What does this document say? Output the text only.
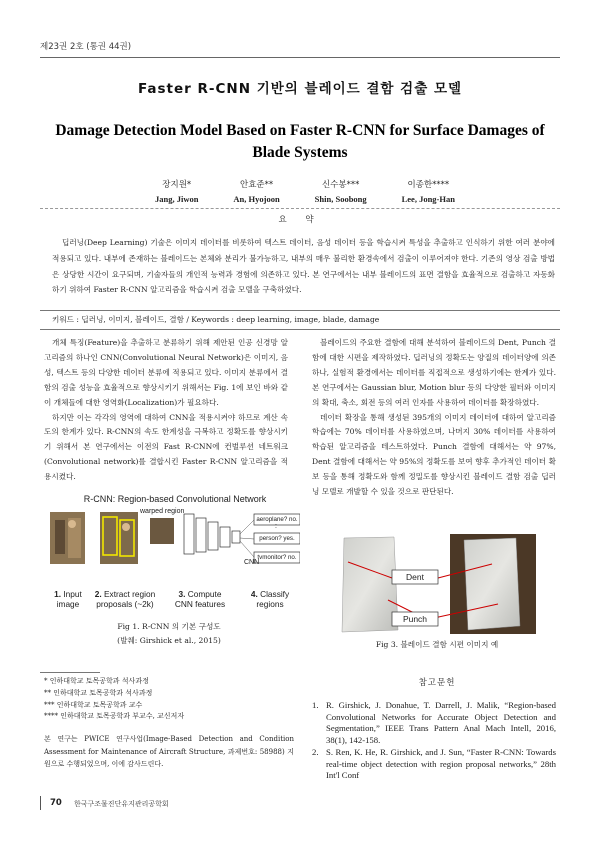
제23권 2호 (통권 44권)
Faster R-CNN 기반의 블레이드 결함 검출 모델
Damage Detection Model Based on Faster R-CNN for Surface Damages of Blade Systems
장지원*
Jang, Jiwon
안효준**
An, Hyojoon
신수봉***
Shin, Soobong
이종한****
Lee, Jong-Han
요 약

딥러닝(Deep Learning) 기술은 이미지 데이터를 비롯하여 텍스트 데이터, 음성 데이터 등을 학습시켜 특성을 추출하고 인식하기 위한 여러 분야에 적용되고 있다. 내부에 존재하는 블레이드는 본체와 분리가 불가능하고, 내부의 매우 불리한 환경속에서 검출이 이루어져야 한다. 기존의 영상 검출 방법은 상당한 시간이 요구되며, 기술자들의 개인적 능력과 경험에 의존하고 있다. 본 연구에서는 내부 블레이드의 표면 결함을 효율적으로 검출하고 자동화하기 위하여 Faster R-CNN 알고리즘을 학습시켜 검출 모델을 구축하였다.

키워드 : 딥러닝, 이미지, 블레이드, 결함 / Keywords : deep learning, image, blade, damage

개체 특징(Feature)을 추출하고 분류하기 위해 제안된 인공 신경망 알고리즘의 하나인 CNN(Convolutional Neural Network)은 이미지, 음성, 텍스트 등의 다양한 데이터 분류에 적용되고 있다. 이미지 분류에서 결함의 검출 성능을 효율적으로 향상시키기 위해서는 Fig. 1에 보인 바와 같이 개체들에 대한 영역화(Localization)가 필요하다.

하지만 이는 각각의 영역에 대하여 CNN을 적용시켜야 하므로 계산 속도의 한계가 있다. R-CNN의 속도 한계성을 극복하고 정확도를 향상시키기 위해서 본 연구에서는 이전의 Fast R-CNN에 컨벌루션 네트워크(Convolutional network)를 결합시킨 Faster R-CNN 알고리즘을 적용시켰다.

블레이드의 주요한 결함에 대해 분석하여 블레이드의 Dent, Punch 결함에 대한 시편을 제작하였다. 딥러닝의 정확도는 양질의 데이터양에 의존하나, 실험적 환경에서는 데이터를 직접적으로 생성하기에는 한계가 있다. 본 연구에서는 Gaussian blur, Motion blur 등의 다양한 필터와 이미지의 확대, 축소, 회전 등의 여러 인자를 사용하여 데이터를 확장하였다.

데이터 확장을 통해 생성된 395개의 이미지 데이터에 대하여 알고리즘 학습에는 70% 데이터를 사용하였으며, 나머지 30% 데이터를 사용하여 학습된 알고리즘을 테스트하였다. Punch 결함에 대해서는 약 97%, Dent 결함에 대해서는 약 95%의 정확도를 보여 향후 추가적인 데이터 확보 등을 통해 정확도와 함께 정밀도를 향상시킨 블레이드 결함 검출 딥러닝 모델로 개발할 수 있을 것으로 판단된다.

R-CNN: Region-based Convolutional Network
warped region
CNN
aeroplane? no.
person? yes.
tvmonitor? no.
:
1. Input
image
2. Extract region
proposals (~2k)
3. Compute
CNN features
4. Classify
regions
Fig 1. R-CNN 의 기본 구성도
(발췌: Girshick et al., 2015)
Dent
Punch
Fig 3. 블레이드 결함 시편 이미지 예
* 인하대학교 토목공학과 석사과정
** 인하대학교 토목공학과 석사과정
*** 인하대학교 토목공학과 교수
**** 인하대학교 토목공학과 부교수, 교신저자
본 연구는 PWICE 연구사업(Image-Based Detection and Condition Assessment for Maintenance of Aircraft Structure, 과제번호: 58988) 지원으로 수행되었으며, 이에 감사드린다.
참고문헌
1. R. Girshick, J. Donahue, T. Darrell, J. Malik, “Region-based Convolutional Networks for Accurate Object Detection and Segmentation,” IEEE Trans Pattern Anal Mach Intell, 2016, 38(1), 142-158.
2. S. Ren, K. He, R. Girshick, and J. Sun, “Faster R-CNN: Towards real-time object detection with region proposal networks,” 28th Int'l Conf
70 한국구조물진단유지관리공학회
